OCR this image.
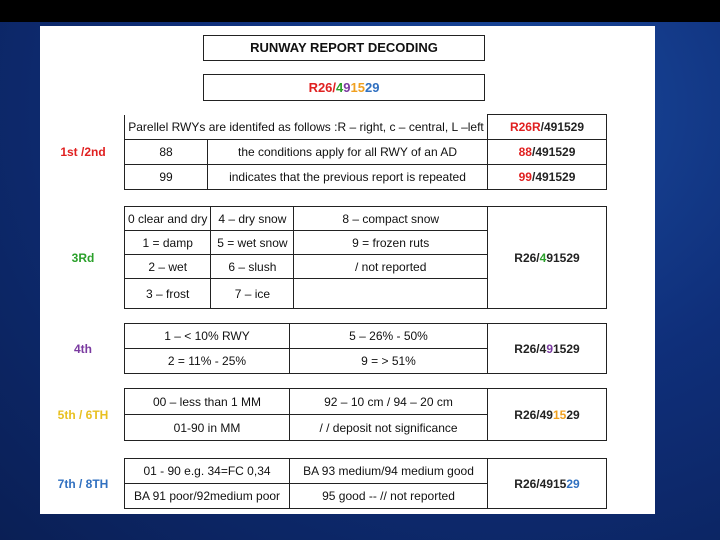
RUNWAY REPORT DECODING
R26/491529
1st /2nd	Parellel RWYs are identifed as follows :R – right, c – central, L –left		R26R/491529
	88	the conditions apply for all RWY of an AD	88/491529
	99	indicates that the previous report is repeated	99/491529
3Rd	0 clear and dry	4 – dry snow	8 – compact snow	R26/491529
	1 = damp	5 = wet snow	9 = frozen ruts	
	2 – wet	6 – slush	/ not reported	
	3 – frost	7 – ice		
4th	1 – < 10% RWY	5 – 26% - 50%	R26/491529
	2 = 11% - 25%	9 = > 51%	
5th / 6TH	00 – less than 1 MM	92 – 10 cm / 94 – 20 cm	R26/491529
	01-90 in MM	/ / deposit not significance	
7th / 8TH	01 - 90 e.g. 34=FC 0,34	BA 93 medium/94 medium good	R26/491529
	BA 91 poor/92medium poor	95 good -- // not reported	
